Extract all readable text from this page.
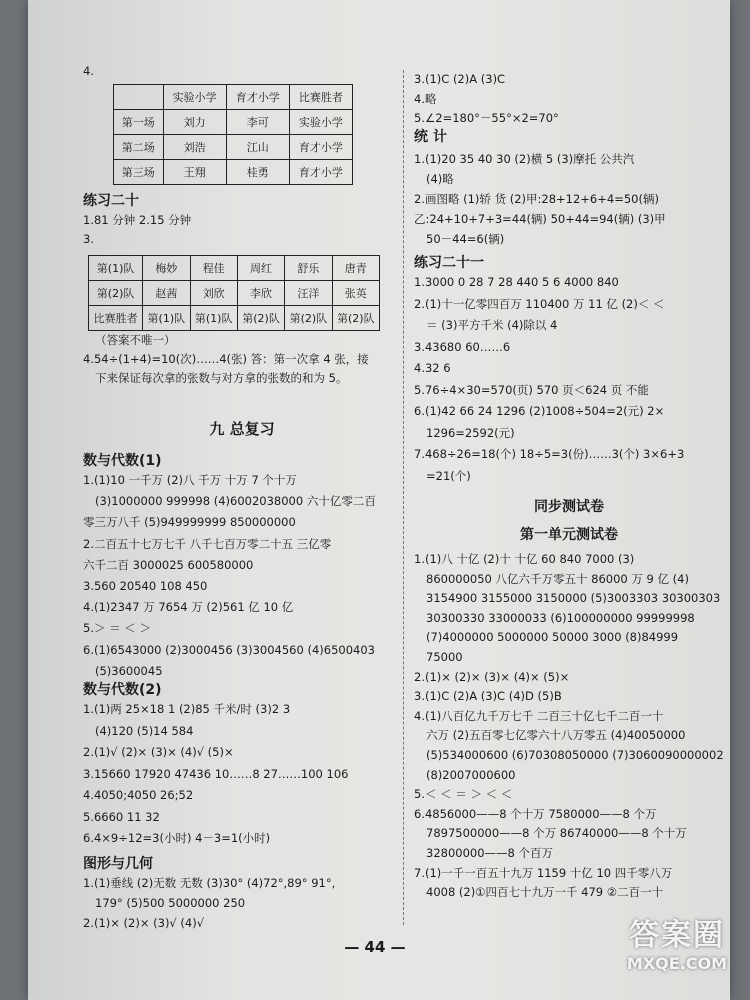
4.
	实验小学	育才小学	比赛胜者
第一场	刘力	李可	实验小学
第二场	刘浩	江山	育才小学
第三场	王翔	桂勇	育才小学
练习二十
1.81 分钟 2.15 分钟
3.
第(1)队	梅妙	程佳	周红	舒乐	唐青
第(2)队	赵茜	刘欣	李欣	汪洋	张英
比赛胜者	第(1)队	第(1)队	第(2)队	第(2)队	第(2)队
（答案不唯一）
4.54÷(1+4)=10(次)……4(张) 答：第一次拿 4 张，接
下来保证每次拿的张数与对方拿的张数的和为 5。
九 总复习
数与代数(1)
1.(1)10 一千万 (2)八 千万 十万 7 个十万
(3)1000000 999998 (4)6002038000 六十亿零二百
零三万八千 (5)949999999 850000000
2.二百五十七万七千 八千七百万零二十五 三亿零
六千二百 3000025 600580000
3.560 20540 108 450
4.(1)2347 万 7654 万 (2)561 亿 10 亿
5.＞ ＝ ＜ ＞
6.(1)6543000 (2)3000456 (3)3004560 (4)6500403
(5)3600045
数与代数(2)
1.(1)两 25×18 1 (2)85 千米/时 (3)2 3
(4)120 (5)14 584
2.(1)√ (2)× (3)× (4)√ (5)×
3.15660 17920 47436 10……8 27……100 106
4.4050;4050 26;52
5.6660 11 32
6.4×9÷12=3(小时) 4－3=1(小时)
图形与几何
1.(1)垂线 (2)无数 无数 (3)30° (4)72°,89° 91°,
179° (5)500 5000000 250
2.(1)× (2)× (3)√ (4)√
3.(1)C (2)A (3)C
4.略
5.∠2=180°－55°×2=70°
统 计
1.(1)20 35 40 30 (2)横 5 (3)摩托 公共汽
(4)略
2.画图略 (1)轿 货 (2)甲:28+12+6+4=50(辆)
乙:24+10+7+3=44(辆) 50+44=94(辆) (3)甲
50－44=6(辆)
练习二十一
1.3000 0 28 7 28 440 5 6 4000 840
2.(1)十一亿零四百万 110400 万 11 亿 (2)＜ ＜
＝ (3)平方千米 (4)除以 4
3.43680 60……6
4.32 6
5.76÷4×30=570(页) 570 页＜624 页 不能
6.(1)42 66 24 1296 (2)1008÷504=2(元) 2×
1296=2592(元)
7.468÷26=18(个) 18÷5=3(份)……3(个) 3×6+3
=21(个)
同步测试卷
第一单元测试卷
1.(1)八 十亿 (2)十 十亿 60 840 7000 (3)
860000050 八亿六千万零五十 86000 万 9 亿 (4)
3154900 3155000 3150000 (5)3003303 30300303
30300330 33000033 (6)100000000 99999998
(7)4000000 5000000 50000 3000 (8)84999
75000
2.(1)× (2)× (3)× (4)× (5)×
3.(1)C (2)A (3)C (4)D (5)B
4.(1)八百亿九千万七千 二百三十亿七千二百一十
六万 (2)五百零七亿零六十八万零五 (4)40050000
(5)534000600 (6)70308050000 (7)3060090000002
(8)2007000600
5.＜ ＜ ＝ ＞ ＜ ＜
6.4856000——8 个十万 7580000——8 个万
7897500000——8 个万 86740000——8 个十万
32800000——8 个百万
7.(1)一千一百五十九万 1159 十亿 10 四千零八万
4008 (2)①四百七十九万一千 479 ②二百一十
— 44 —	答案圈
MXQE.COM
